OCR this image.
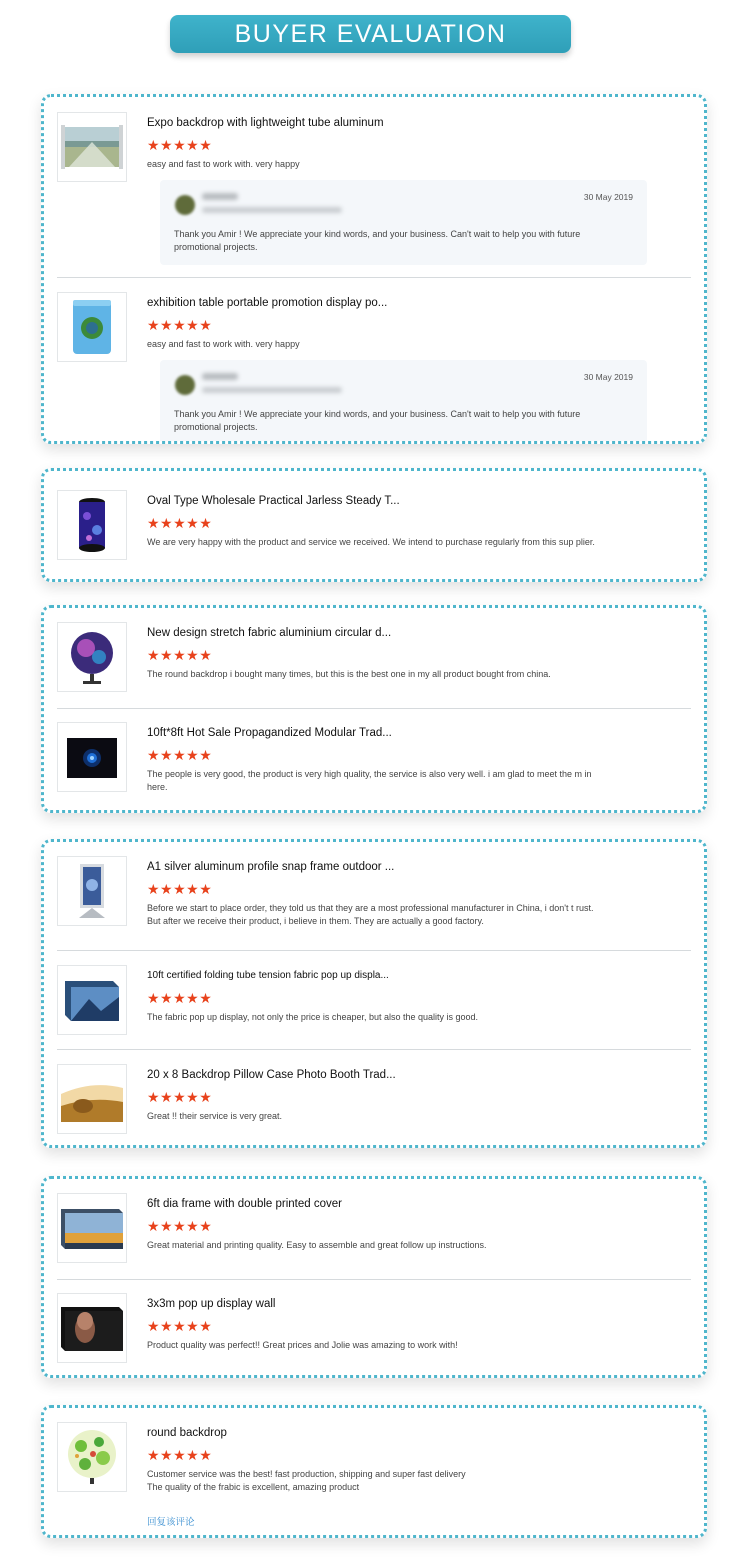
BUYER EVALUATION
Expo backdrop with lightweight tube aluminum
★★★★★
easy and fast to work with. very happy
30 May 2019
Thank you Amir ! We appreciate your kind words, and your business. Can't wait to help you with future promotional projects.
exhibition table portable promotion display po...
★★★★★
easy and fast to work with. very happy
30 May 2019
Thank you Amir ! We appreciate your kind words, and your business. Can't wait to help you with future promotional projects.
Oval Type Wholesale Practical Jarless Steady T...
★★★★★
We are very happy with the product and service we received. We intend to purchase regularly from this sup plier.
New design stretch fabric aluminium circular d...
★★★★★
The round backdrop i bought many times, but this is the best one in my all product bought from china.
10ft*8ft Hot Sale Propagandized Modular Trad...
★★★★★
The people is very good, the product is very high quality, the service is also very well. i am glad to meet the m in here.
A1 silver aluminum profile snap frame outdoor ...
★★★★★
Before we start to place order, they told us that they are a most professional manufacturer in China, i don't t rust. But after we receive their product, i believe in them. They are actually a good factory.
10ft certified folding tube tension fabric pop up displa...
★★★★★
The fabric pop up display, not only the price is cheaper, but also the quality is good.
20 x 8 Backdrop Pillow Case Photo Booth Trad...
★★★★★
Great !! their service is very great.
6ft dia frame with double printed cover
★★★★★
Great material and printing quality. Easy to assemble and great follow up instructions.
3x3m pop up display wall
★★★★★
Product quality was perfect!! Great prices and Jolie was amazing to work with!
round backdrop
★★★★★
Customer service was the best! fast production, shipping and super fast delivery
The quality of the frabic is excellent, amazing product
回复该评论
